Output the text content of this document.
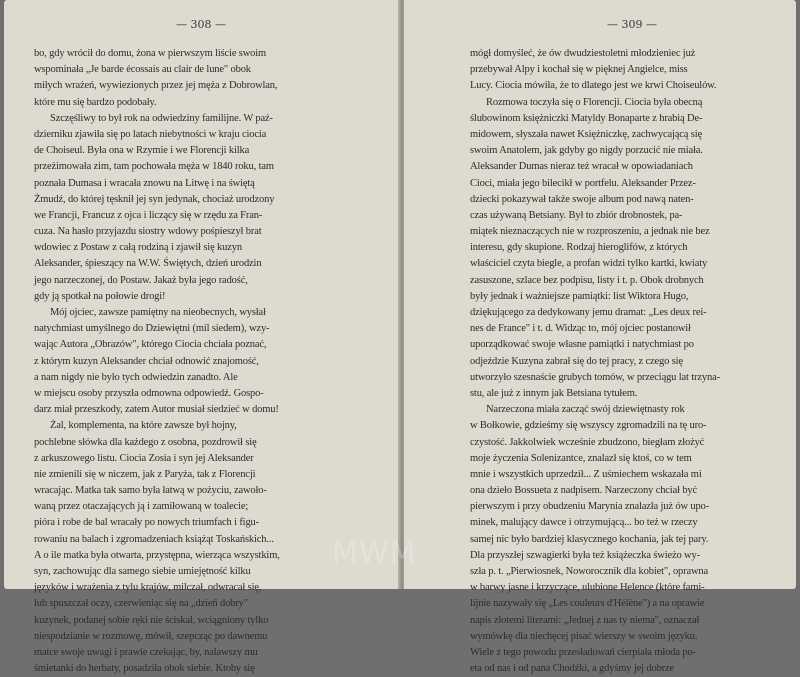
— 308 —
bo, gdy wrócił do domu, żona w pierwszym liście swoim
wspominała „Je barde écossais au clair de lune" obok
miłych wrażeń, wywiezionych przez jej męża z Dobrowlan,
które mu się bardzo podobały.
Szczęśliwy to był rok na odwiedziny familijne. W paź-
dzierniku zjawiła się po latach niebytności w kraju ciocia
de Choiseul. Była ona w Rzymie i we Florencji kilka
przeżimowała zim, tam pochowała męża w 1840 roku, tam
poznała Dumasa i wracała znowu na Litwę i na świętą
Żmudź, do której tęsknił jej syn jedynak, chociaż urodzony
we Francji, Francuz z ojca i liczący się w rzędu za Fran-
cuza. Na hasło przyjazdu siostry wdowy pośpieszył brat
wdowiec z Postaw z całą rodziną i zjawił się kuzyn
Aleksander, śpieszący na W.W. Świętych, dzień urodzin
jego narzeczonej, do Postaw. Jakaż była jego radość,
gdy ją spotkał na połowie drogi!
Mój ojciec, zawsze pamiętny na nieobecnych, wysłał
natychmiast umyślnego do Dziewiętni (mil siedem), wzy-
wając Autora „Obrazów", którego Ciocia chciała poznać,
z którym kuzyn Aleksander chciał odnowić znajomość,
a nam nigdy nie było tych odwiedzin zanadto. Ale
w miejscu osoby przyszła odmowna odpowiedź. Gospo-
darz miał przeszkody, zatem Autor musiał siedzieć w domu!
Żal, komplementa, na które zawsze był hojny,
pochlebne słówka dla każdego z osobna, pozdrowił się
z arkuszowego listu. Ciocia Zosia i syn jej Aleksander
nie zmienili się w niczem, jak z Paryża, tak z Florencji
wracając. Matka tak samo była łatwą w pożyciu, zawoło-
waną przez otaczających ją i zamiłowaną w toalecie;
pióra i robe de bal wracały po nowych triumfach i figu-
rowaniu na balach i zgromadzeniach książąt Toskańskich...
A o ile matka była otwarta, przystępna, wierząca wszystkim,
syn, zachowując dla samego siebie umiejętność kilku
języków i wrażenia z tylu krajów, milczał, odwracał się,
lub spuszczał oczy, czerwieniąc się na „dzień dobry"
kuzynek, podanej sobie ręki nie ściskał, wciągniony tylko
niespodzianie w rozmowę, mówił, szepcząc po dawnemu
matce swoje uwagi i prawie czekając, by, nalawszy mu
śmietanki do herbaty, posadziła obok siebie. Ktoby się
— 309 —
mógł domyśleć, że ów dwudziestoletni młodzieniec już
przebywał Alpy i kochał się w pięknej Angielce, miss
Lucy. Ciocia mówiła, że to dlatego jest we krwi Choiseulów.
Rozmowa toczyła się o Florencji. Ciocia była obecną
ślubowinom księżniczki Matyldy Bonaparte z hrabią De-
midowem, słyszała nawet Księżniczkę, zachwycającą się
swoim Anatolem, jak gdyby go nigdy porzucić nie miała.
Aleksander Dumas nieraz też wracał w opowiadaniach
Cioci, miała jego bilecikł w portfelu. Aleksander Przez-
dziecki pokazywał także swoje album pod nawą naten-
czas używaną Betsiany. Był to zbiór drobnostek, pa-
miątek nieznaczących nie w rozproszeniu, a jednak nie bez
interesu, gdy skupione. Rodzaj hieroglifów, z których
właściciel czyta biegle, a profan widzi tylko kartki, kwiaty
zasuszone, szlace bez podpisu, listy i t. p. Obok drobnych
były jednak i ważniejsze pamiątki: list Wiktora Hugo,
dziękującego za dedykowany jemu dramat: „Les deux rei-
nes de France" i t. d. Widząc to, mój ojciec postanowił
uporządkować swoje własne pamiątki i natychmiast po
odjeździe Kuzyna zabrał się do tej pracy, z czego się
utworzyło szesnaście grubych tomów, w przeciągu lat trzyna-
stu, ale już z innym jak Betsiana tytułem.
Narzeczona miała zacząć swój dziewiętnasty rok
w Bołkowie, gdzieśmy się wszyscy zgromadzili na tę uro-
czystość. Jakkolwiek wcześnie zbudzono, biegłam złożyć
moje życzenia Solenizantce, znalazł się ktoś, co w tem
mnie i wszystkich uprzedził... Z uśmiechem wskazała mi
ona dzieło Bossueta z nadpisem. Narzeczony chciał być
pierwszym i przy obudzeniu Marynia znalazła już ów upo-
minek, malujący dawce i otrzymującą... bo też w rzeczy
samej nic było bardziej klasycznego kochania, jak tej pary.
Dla przyszłej szwagierki była też książeczka świeżo wy-
szła p. t. „Pierwiosnek, Noworocznik dla kobiet", oprawna
w barwy jasne i krzyczące, ulubione Helence (które fami-
lijnie nazywały się „Les couleurs d'Hélène") a na oprawie
napis złotemi literami: „Jednej z nas ty niema", oznaczał
wymówkę dla niechęcej pisać wierszy w swoim języku.
Wiele z tego powodu przesładowań cierpiała młoda po-
eta od nas i od pana Chodźki, a gdyśmy jej dobrze
MWM
